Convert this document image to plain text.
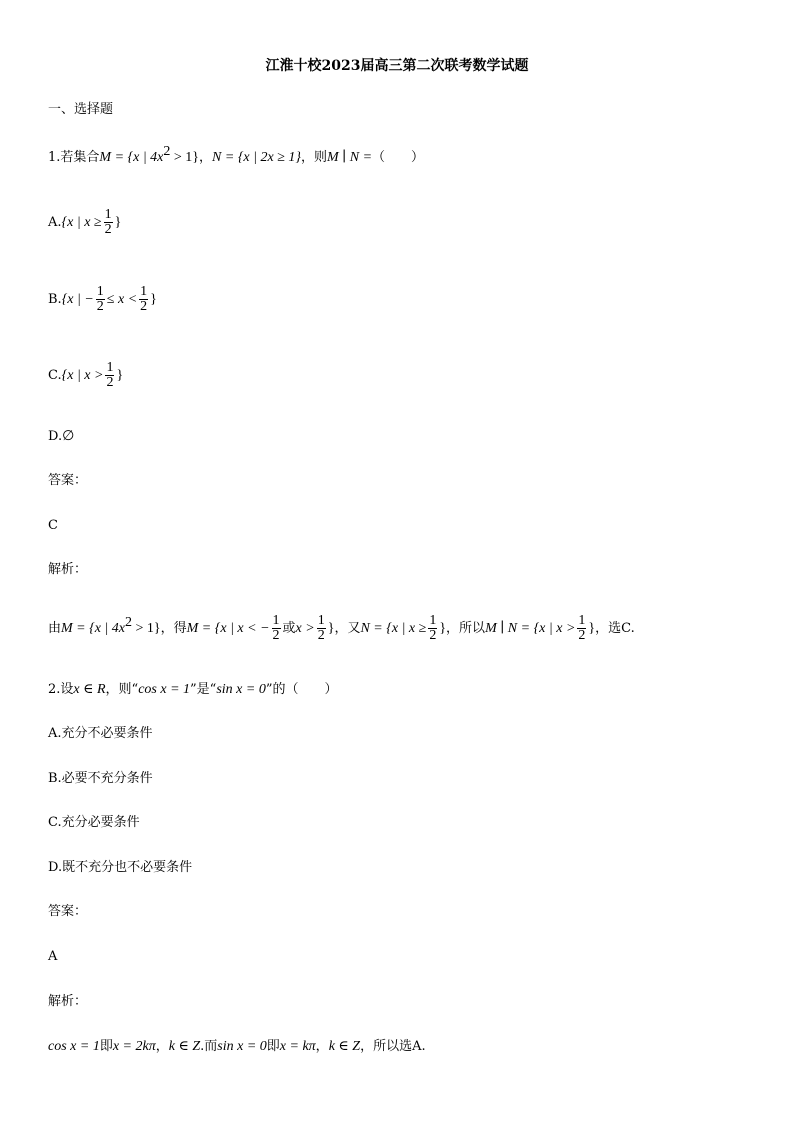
江淮十校2023届高三第二次联考数学试题
一、选择题
1.若集合M = {x | $4x^2 > 1$}，N = {x | 2x ≥ 1}，则M ∣ N =（　　）
A.{x | $x \ge \frac{1}{2}$ }
B.{x | − $\frac{1}{2} \le x < \frac{1}{2}$ }
C.{x | $x > \frac{1}{2}$ }
D.∅
答案：
C
解析：
由M = {x | $4x^2 > 1$}，得M = {x | x < − $\frac{1}{2}$ 或$x > \frac{1}{2}$ }，又N = {x | $x \ge \frac{1}{2}$ }，所以M ∣ N = {x | $x > \frac{1}{2}$ }，选C.
2.设x ∈ R，则“cos x = 1”是“sin x = 0”的（　　）
A.充分不必要条件
B.必要不充分条件
C.充分必要条件
D.既不充分也不必要条件
答案：
A
解析：
cos x = 1即x = 2kπ，k ∈ Z.而sin x = 0即x = kπ，k ∈ Z，所以选A.
